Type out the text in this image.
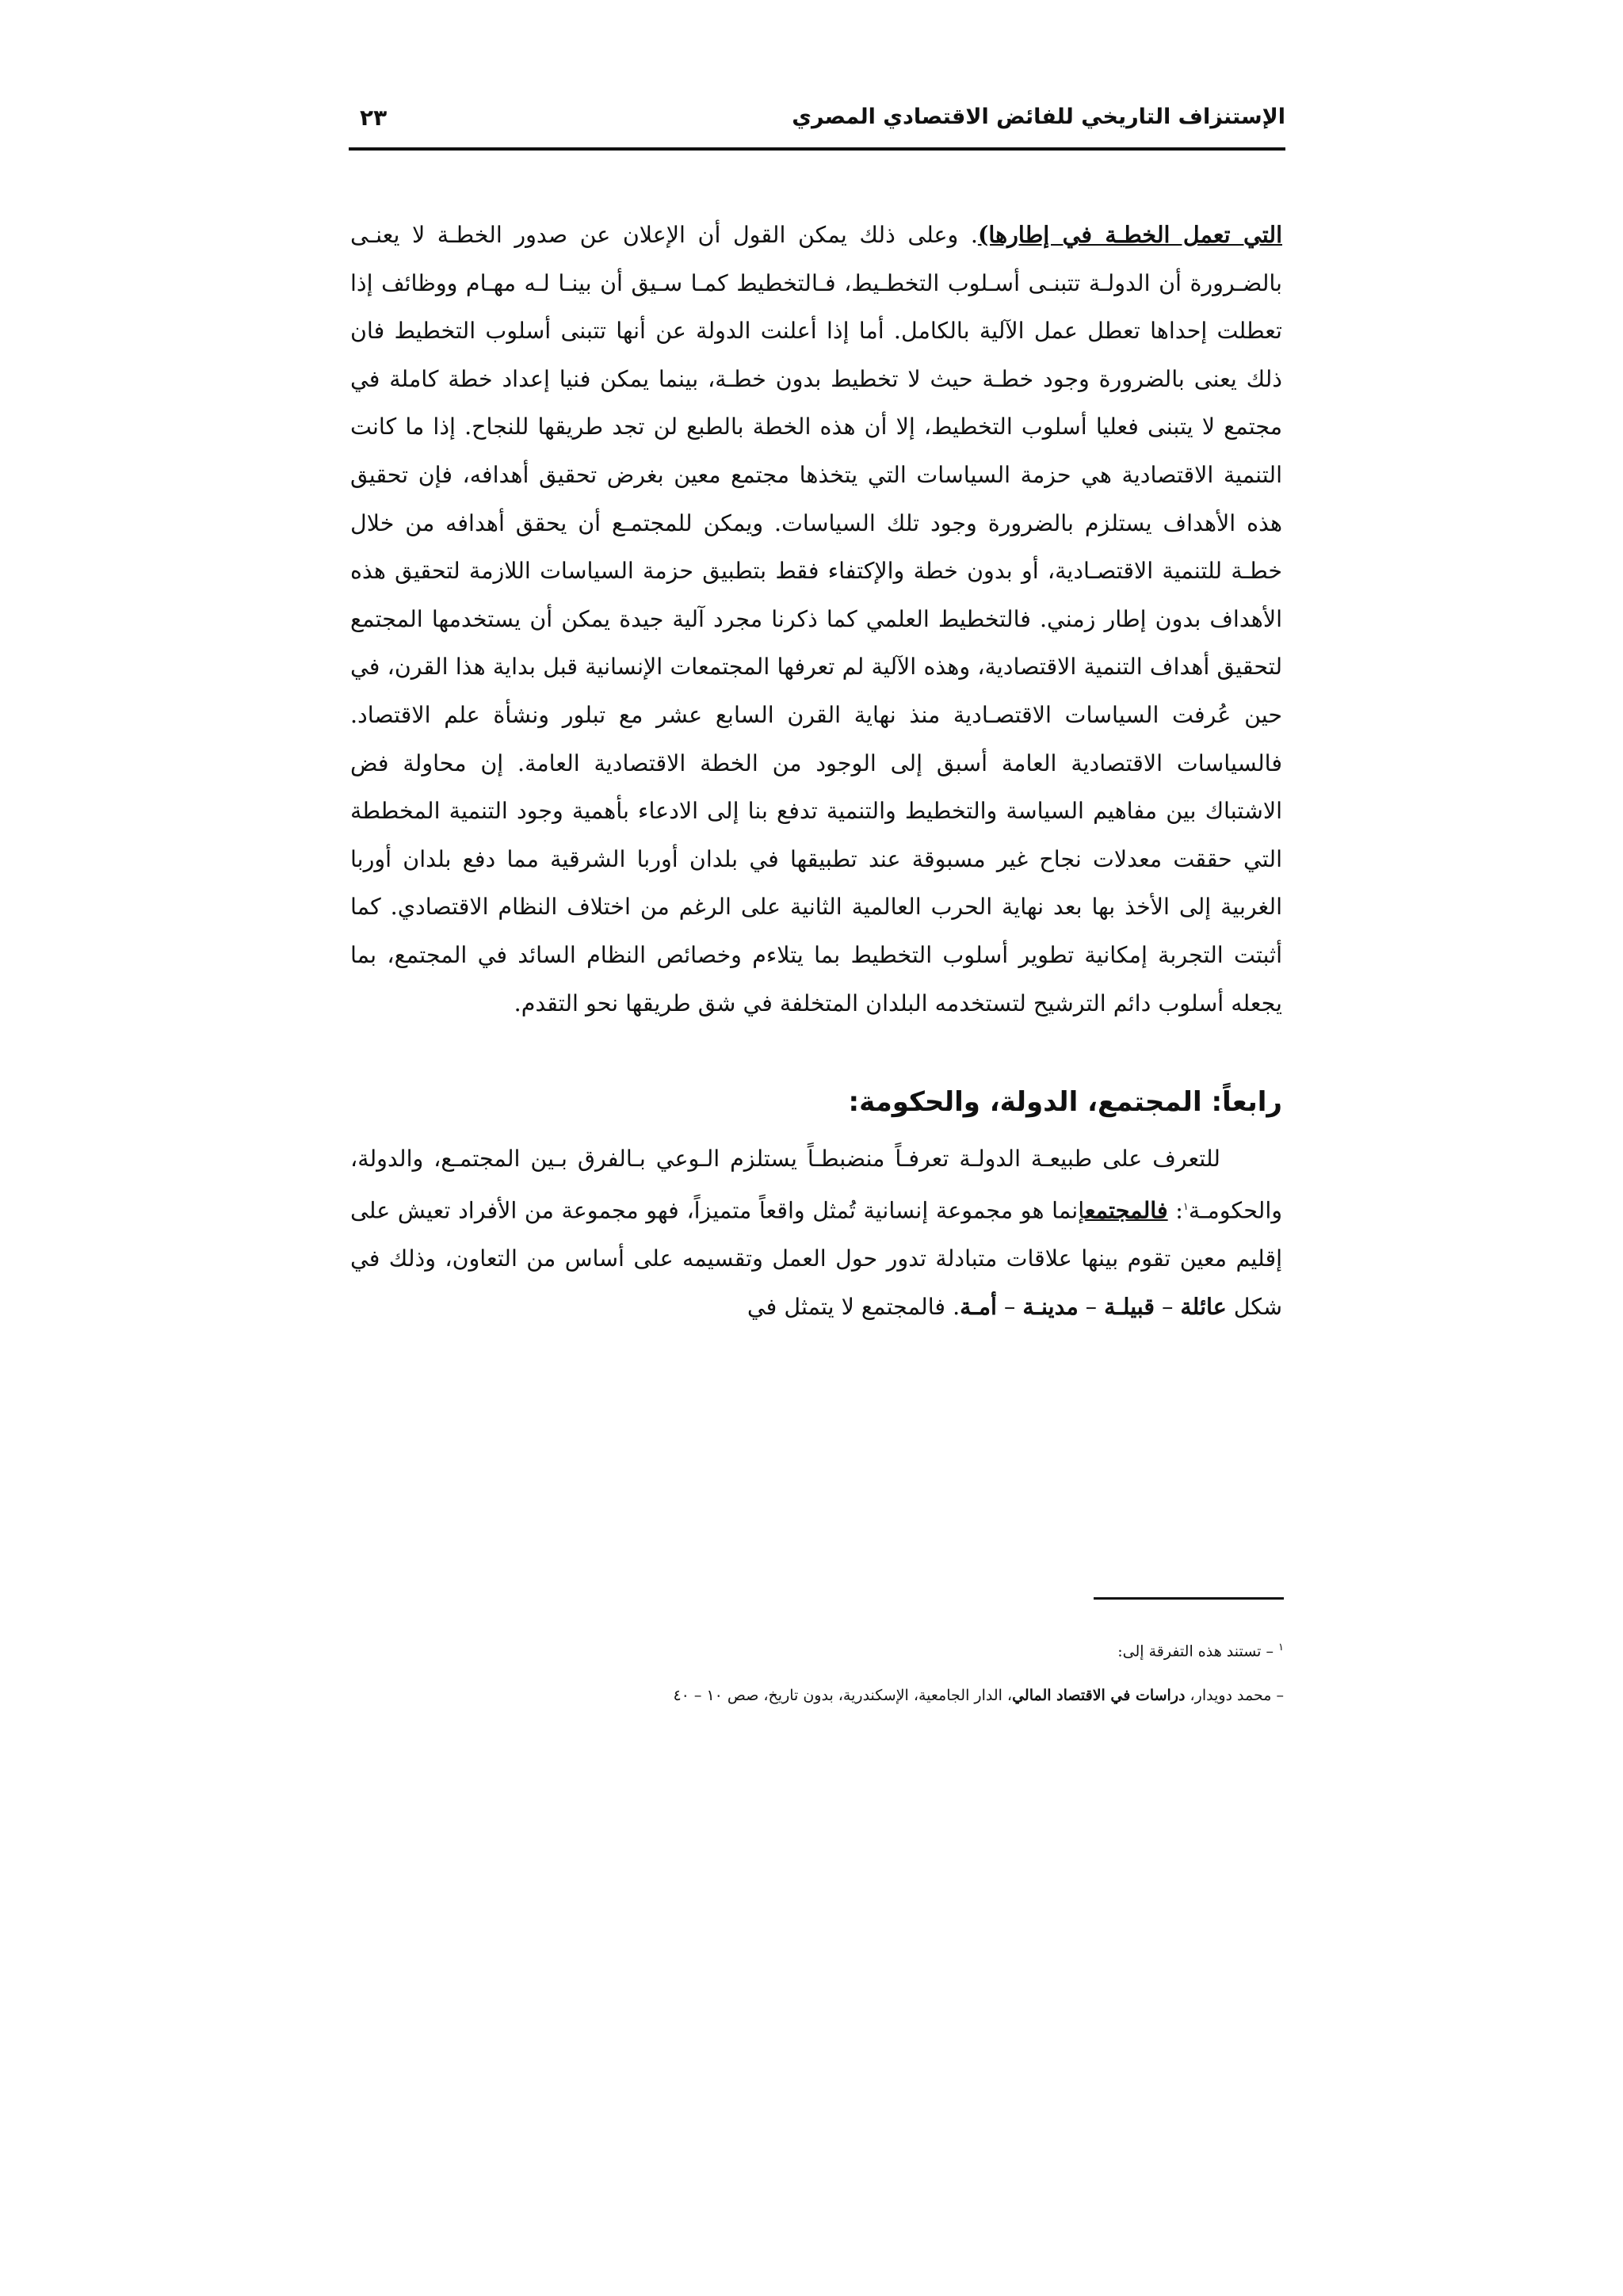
الإستنزاف التاريخي للفائض الاقتصادي المصري
٢٣

التي تعمل الخطـة في إطارها). وعلى ذلك يمكن القول أن الإعلان عن صدور الخطـة لا يعنـى بالضـرورة أن الدولـة تتبنـى أسـلوب التخطـيط، فـالتخطيط كمـا سـيق أن بينـا لـه مهـام ووظائف إذا تعطلت إحداها تعطل عمل الآلية بالكامل. أما إذا أعلنت الدولة عن أنها تتبنى أسلوب التخطيط فان ذلك يعنى بالضرورة وجود خطـة حيث لا تخطيط بدون خطـة، بينما يمكن فنيا إعداد خطة كاملة في مجتمع لا يتبنى فعليا أسلوب التخطيط، إلا أن هذه الخطة بالطبع لن تجد طريقها للنجاح. إذا ما كانت التنمية الاقتصادية هي حزمة السياسات التي يتخذها مجتمع معين بغرض تحقيق أهدافه، فإن تحقيق هذه الأهداف يستلزم بالضرورة وجود تلك السياسات. ويمكن للمجتمـع أن يحقق أهدافه من خلال خطـة للتنمية الاقتصـادية، أو بدون خطة والإكتفاء فقط بتطبيق حزمة السياسات اللازمة لتحقيق هذه الأهداف بدون إطار زمني. فالتخطيط العلمي كما ذكرنا مجرد آلية جيدة يمكن أن يستخدمها المجتمع لتحقيق أهداف التنمية الاقتصادية، وهذه الآلية لم تعرفها المجتمعات الإنسانية قبل بداية هذا القرن، في حين عُرفت السياسات الاقتصـادية منذ نهاية القرن السابع عشر مع تبلور ونشأة علم الاقتصاد. فالسياسات الاقتصادية العامة أسبق إلى الوجود من الخطة الاقتصادية العامة. إن محاولة فض الاشتباك بين مفاهيم السياسة والتخطيط والتنمية تدفع بنا إلى الادعاء بأهمية وجود التنمية المخططة التي حققت معدلات نجاح غير مسبوقة عند تطبيقها في بلدان أوربا الشرقية مما دفع بلدان أوربا الغربية إلى الأخذ بها بعد نهاية الحرب العالمية الثانية على الرغم من اختلاف النظام الاقتصادي. كما أثبتت التجربة إمكانية تطوير أسلوب التخطيط بما يتلاءم وخصائص النظام السائد في المجتمع، بما يجعله أسلوب دائم الترشيح لتستخدمه البلدان المتخلفة في شق طريقها نحو التقدم.

رابعاً: المجتمع، الدولة، والحكومة:

للتعرف على طبيعـة الدولـة تعرفـاً منضبطـاً يستلزم الـوعي بـالفرق بـين المجتمـع، والدولة، والحكومـة$^١$: فالمجتمعإنما هو مجموعة إنسانية تُمثل واقعاً متميزاً، فهو مجموعة من الأفراد تعيش على إقليم معين تقوم بينها علاقات متبادلة تدور حول العمل وتقسيمه على أساس من التعاون، وذلك في شكل عائلة – قبيلـة – مدينـة – أمـة. فالمجتمع لا يتمثل في

$^١$ – تستند هذه التفرقة إلى:
– محمد دويدار، دراسات في الاقتصاد المالي، الدار الجامعية، الإسكندرية، بدون تاريخ، صص ١٠ – ٤٠
